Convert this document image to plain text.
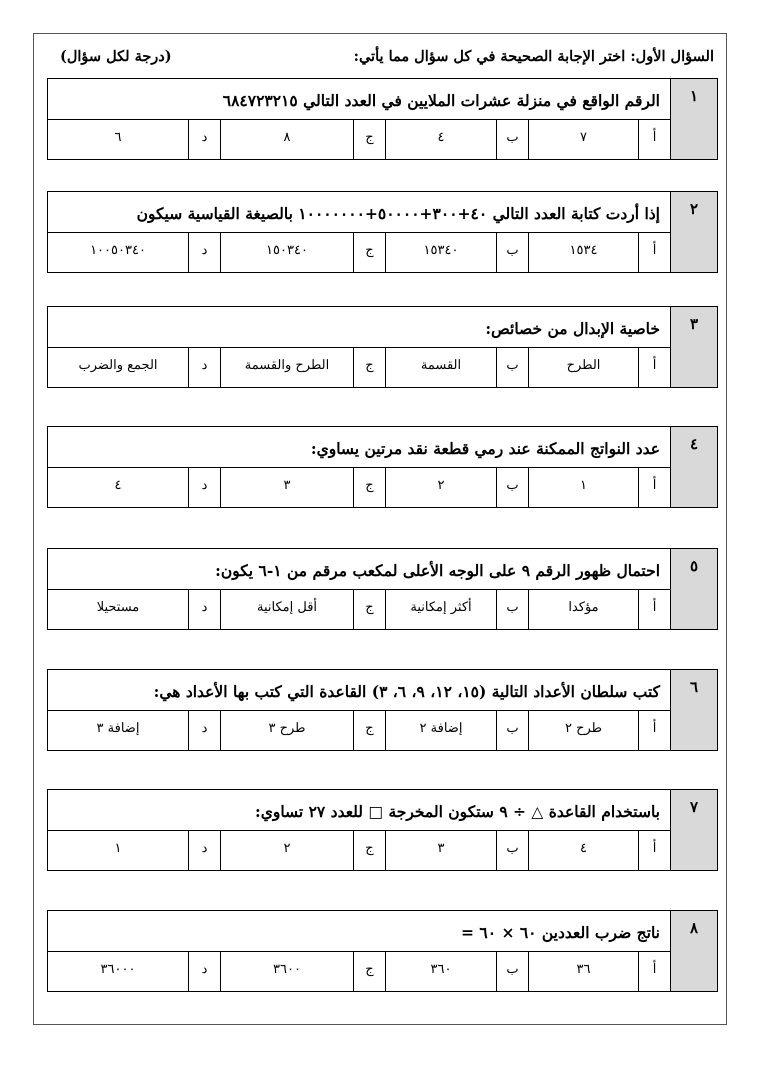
السؤال الأول: اختر الإجابة الصحيحة في كل سؤال مما يأتي:
(درجة لكل سؤال)
١
الرقم الواقع في منزلة عشرات الملايين في العدد التالي ٦٨٤٧٢٣٢١٥
أ
٧
ب
٤
ج
٨
د
٦
٢
إذا أردت كتابة العدد التالي ٤٠+٣٠٠+٥٠٠٠٠+١٠٠٠٠٠٠٠ بالصيغة القياسية سيكون
أ
١٥٣٤
ب
١٥٣٤٠
ج
١٥٠٣٤٠
د
١٠٠٥٠٣٤٠
٣
خاصية الإبدال من خصائص:
أ
الطرح
ب
القسمة
ج
الطرح والقسمة
د
الجمع والضرب
٤
عدد النواتج الممكنة عند رمي قطعة نقد مرتين يساوي:
أ
١
ب
٢
ج
٣
د
٤
٥
احتمال ظهور الرقم ٩ على الوجه الأعلى لمكعب مرقم من ١-٦ يكون:
أ
مؤكدا
ب
أكثر إمكانية
ج
أقل إمكانية
د
مستحيلا
٦
كتب سلطان الأعداد التالية (١٥، ١٢، ٩، ٦، ٣) القاعدة التي كتب بها الأعداد هي:
أ
طرح ٢
ب
إضافة ٢
ج
طرح ٣
د
إضافة ٣
٧
باستخدام القاعدة △ ÷ ٩ ستكون المخرجة □ للعدد ٢٧ تساوي:
أ
٤
ب
٣
ج
٢
د
١
٨
ناتج ضرب العددين ٦٠ × ٦٠ =
أ
٣٦
ب
٣٦٠
ج
٣٦٠٠
د
٣٦٠٠٠
